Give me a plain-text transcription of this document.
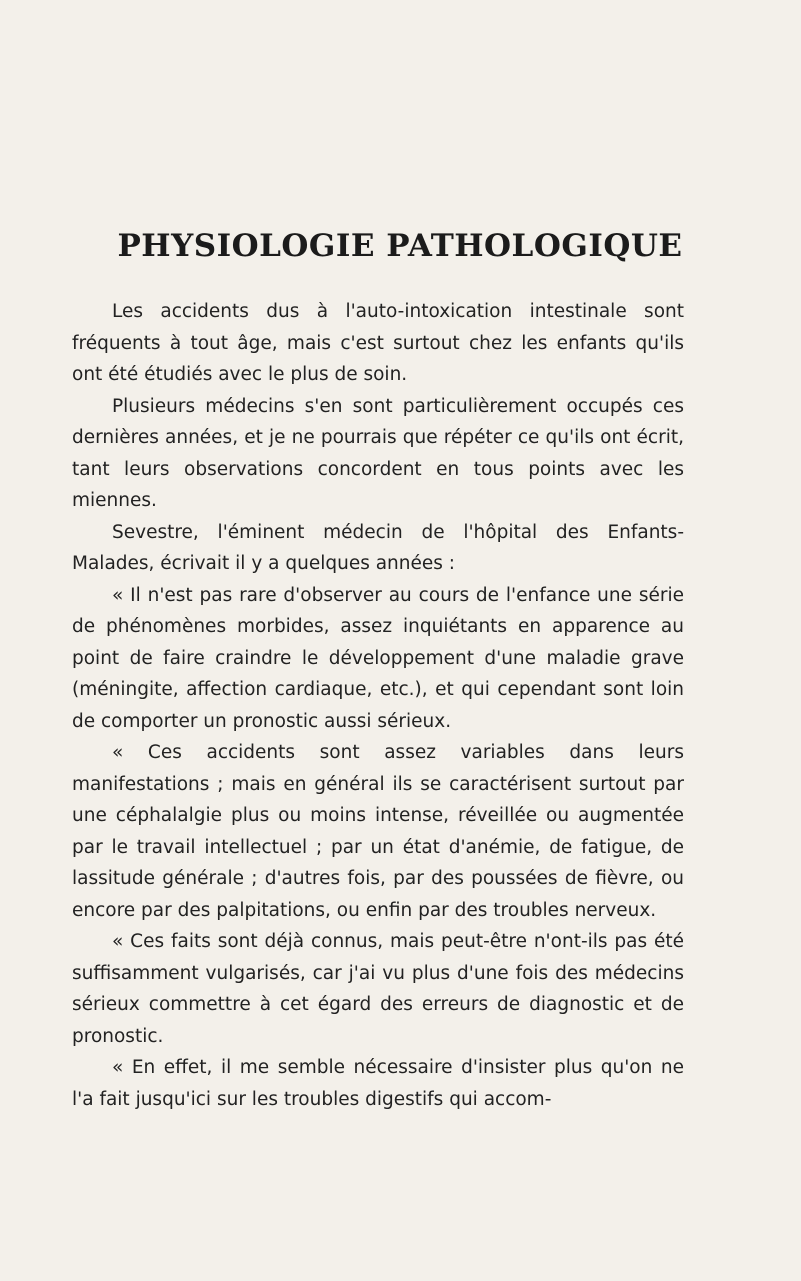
PHYSIOLOGIE PATHOLOGIQUE

Les accidents dus à l'auto-intoxication intestinale sont fréquents à tout âge, mais c'est surtout chez les enfants qu'ils ont été étudiés avec le plus de soin.

Plusieurs médecins s'en sont particulièrement occupés ces dernières années, et je ne pourrais que répéter ce qu'ils ont écrit, tant leurs observations concordent en tous points avec les miennes.

Sevestre, l'éminent médecin de l'hôpital des Enfants-Malades, écrivait il y a quelques années :

« Il n'est pas rare d'observer au cours de l'enfance une série de phénomènes morbides, assez inquiétants en apparence au point de faire craindre le développement d'une maladie grave (méningite, affection cardiaque, etc.), et qui cependant sont loin de comporter un pronostic aussi sérieux.

« Ces accidents sont assez variables dans leurs manifestations ; mais en général ils se caractérisent surtout par une céphalalgie plus ou moins intense, réveillée ou augmentée par le travail intellectuel ; par un état d'anémie, de fatigue, de lassitude générale ; d'autres fois, par des poussées de fièvre, ou encore par des palpitations, ou enfin par des troubles nerveux.

« Ces faits sont déjà connus, mais peut-être n'ont-ils pas été suffisamment vulgarisés, car j'ai vu plus d'une fois des médecins sérieux commettre à cet égard des erreurs de diagnostic et de pronostic.

« En effet, il me semble nécessaire d'insister plus qu'on ne l'a fait jusqu'ici sur les troubles digestifs qui accom-
